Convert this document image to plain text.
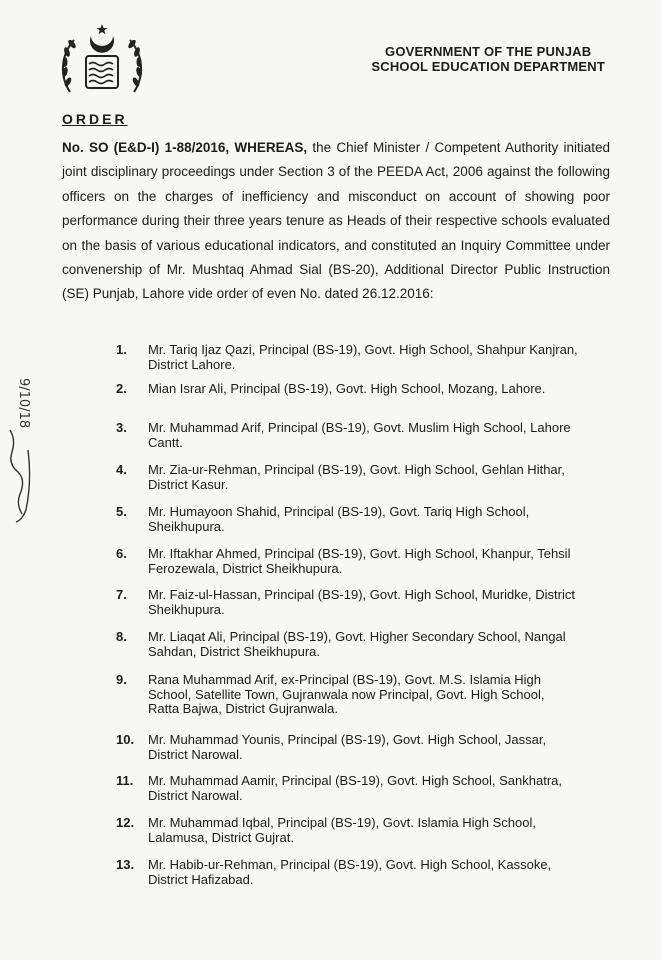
GOVERNMENT OF THE PUNJAB
SCHOOL EDUCATION DEPARTMENT
ORDER
No. SO (E&D-I) 1-88/2016, WHEREAS, the Chief Minister / Competent Authority initiated joint disciplinary proceedings under Section 3 of the PEEDA Act, 2006 against the following officers on the charges of inefficiency and misconduct on account of showing poor performance during their three years tenure as Heads of their respective schools evaluated on the basis of various educational indicators, and constituted an Inquiry Committee under convenership of Mr. Mushtaq Ahmad Sial (BS-20), Additional Director Public Instruction (SE) Punjab, Lahore vide order of even No. dated 26.12.2016:
9/10/18
1.	Mr. Tariq Ijaz Qazi, Principal (BS-19), Govt. High School, Shahpur Kanjran, District Lahore.
2.	Mian Israr Ali, Principal (BS-19), Govt. High School, Mozang, Lahore.
3.	Mr. Muhammad Arif, Principal (BS-19), Govt. Muslim High School, Lahore Cantt.
4.	Mr. Zia-ur-Rehman, Principal (BS-19), Govt. High School, Gehlan Hithar, District Kasur.
5.	Mr. Humayoon Shahid, Principal (BS-19), Govt. Tariq High School, Sheikhupura.
6.	Mr. Iftakhar Ahmed, Principal (BS-19), Govt. High School, Khanpur, Tehsil Ferozewala, District Sheikhupura.
7.	Mr. Faiz-ul-Hassan, Principal (BS-19), Govt. High School, Muridke, District Sheikhupura.
8.	Mr. Liaqat Ali, Principal (BS-19), Govt. Higher Secondary School, Nangal Sahdan, District Sheikhupura.
9.	Rana Muhammad Arif, ex-Principal (BS-19), Govt. M.S. Islamia High School, Satellite Town, Gujranwala now Principal, Govt. High School, Ratta Bajwa, District Gujranwala.
10.	Mr. Muhammad Younis, Principal (BS-19), Govt. High School, Jassar, District Narowal.
11.	Mr. Muhammad Aamir, Principal (BS-19), Govt. High School, Sankhatra, District Narowal.
12.	Mr. Muhammad Iqbal, Principal (BS-19), Govt. Islamia High School, Lalamusa, District Gujrat.
13.	Mr. Habib-ur-Rehman, Principal (BS-19), Govt. High School, Kassoke, District Hafizabad.
